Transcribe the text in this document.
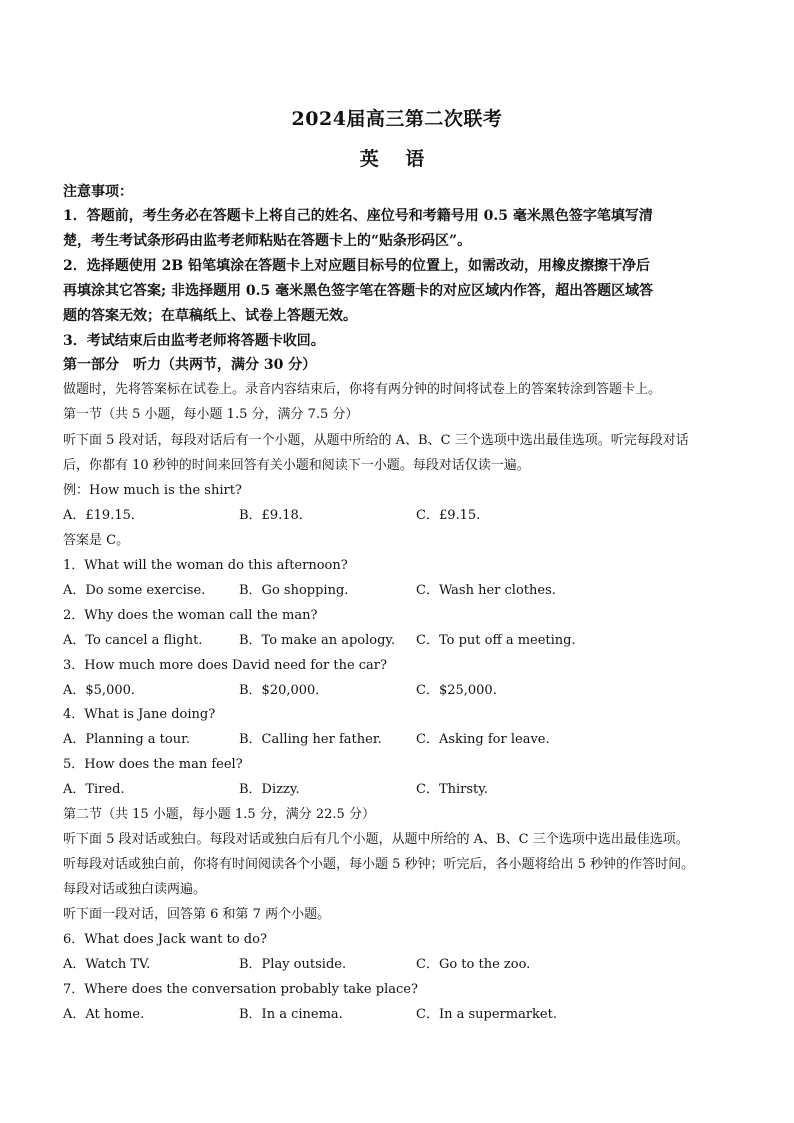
2024届高三第二次联考
英 语
注意事项：
1．答题前，考生务必在答题卡上将自己的姓名、座位号和考籍号用 0.5 毫米黑色签字笔填写清
楚，考生考试条形码由监考老师粘贴在答题卡上的“贴条形码区”。
2．选择题使用 2B 铅笔填涂在答题卡上对应题目标号的位置上，如需改动，用橡皮擦擦干净后
再填涂其它答案; 非选择题用 0.5 毫米黑色签字笔在答题卡的对应区域内作答，超出答题区域答
题的答案无效；在草稿纸上、试卷上答题无效。
3．考试结束后由监考老师将答题卡收回。
第一部分　听力（共两节，满分 30 分）
做题时，先将答案标在试卷上。录音内容结束后，你将有两分钟的时间将试卷上的答案转涂到答题卡上。
第一节（共 5 小题，每小题 1.5 分，满分 7.5 分）
听下面 5 段对话，每段对话后有一个小题，从题中所给的 A、B、C 三个选项中选出最佳选项。听完每段对话
后，你都有 10 秒钟的时间来回答有关小题和阅读下一小题。每段对话仅读一遍。
例：How much is the shirt?
A．£19.15．	B．£9.18．	C．£9.15.
答案是 C。
1．What will the woman do this afternoon?
A．Do some exercise.	B．Go shopping.	C．Wash her clothes.
2．Why does the woman call the man?
A．To cancel a flight.	B．To make an apology. C．To put off a meeting.
3．How much more does David need for the car?
A．$5,000．	B．$20,000．	C．$25,000.
4．What is Jane doing?
A．Planning a tour.	B．Calling her father.	C．Asking for leave.
5．How does the man feel?
A．Tired.	B．Dizzy.	C．Thirsty.
第二节（共 15 小题，每小题 1.5 分，满分 22.5 分）
听下面 5 段对话或独白。每段对话或独白后有几个小题，从题中所给的 A、B、C 三个选项中选出最佳选项。
听每段对话或独白前，你将有时间阅读各个小题，每小题 5 秒钟；听完后，各小题将给出 5 秒钟的作答时间。
每段对话或独白读两遍。
听下面一段对话，回答第 6 和第 7 两个小题。
6．What does Jack want to do?
A．Watch TV.	B．Play outside.	C．Go to the zoo.
7．Where does the conversation probably take place?
A．At home.	B．In a cinema.	C．In a supermarket.
